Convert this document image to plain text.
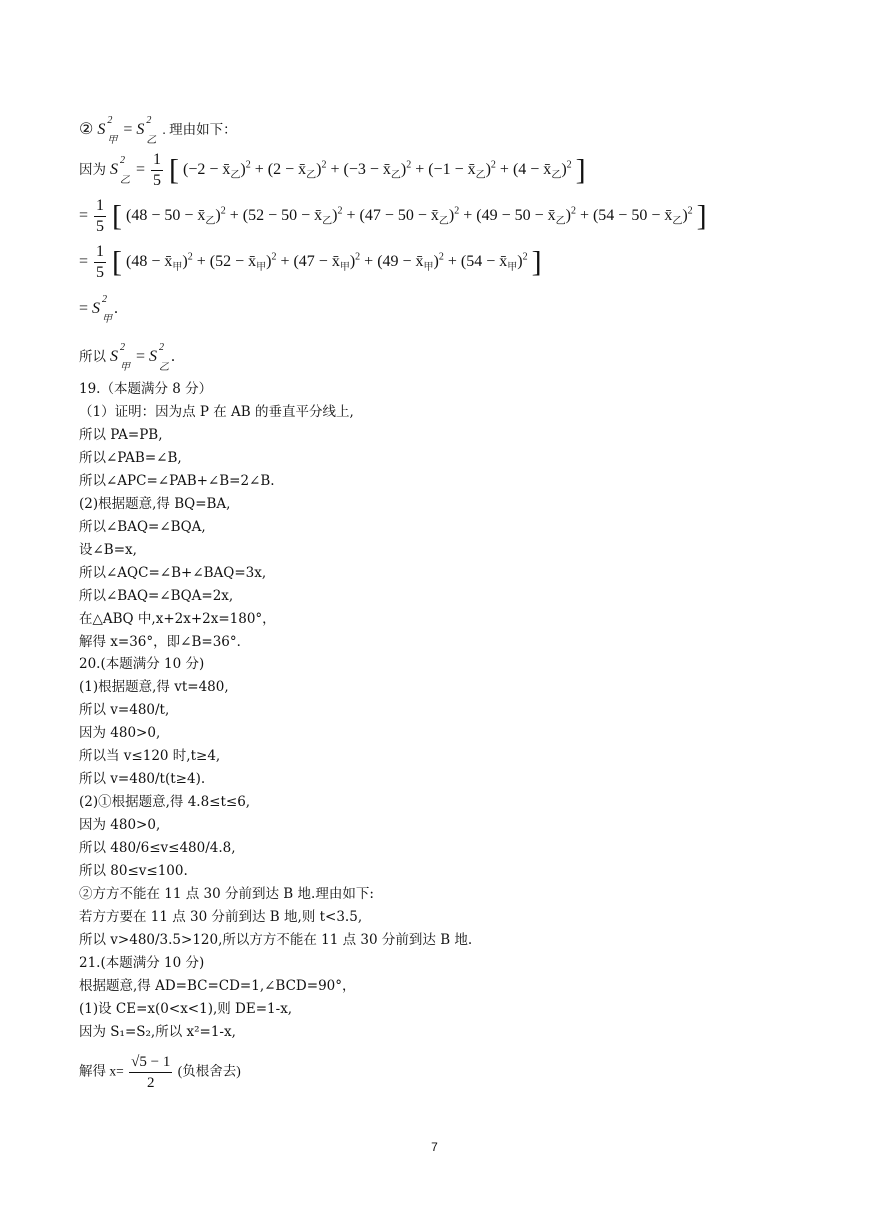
② S
2
甲
= S
2
乙
. 理由如下：
因为 S
2
乙
= $\frac{1}{5}$ [ $(-2 - x̄_乙)^2 + (2$ − $x̄_乙)^2 + (-3$ − $x̄_乙)^2 + (-1$ − $x̄_乙)^2 + (4$ − $x̄_乙)^2$ ]
= $\frac{1}{5}$ [ $(48 - 50 - x̄_乙)^2 + (52 - 50$ − $x̄_乙)^2 + (47 - 50$ − $x̄_乙)^2 + (49 - 50$ − $x̄_乙)^2 + (54 - 50$ − $x̄_乙)^2$ ]
= $\frac{1}{5}$ [ $(48 - x̄_甲)^2 + (52$ − $x̄_甲)^2 + (47$ − $x̄_甲)^2 + (49$ − $x̄_甲)^2 + (54$ − $x̄_甲)^2$ ]
= S
2
甲
.
所以 S
2
甲
= S
2
乙
.
19.（本题满分 8 分）
（1）证明：因为点 P 在 AB 的垂直平分线上,
所以 PA=PB,
所以∠PAB=∠B,
所以∠APC=∠PAB+∠B=2∠B.
(2)根据题意,得 BQ=BA,
所以∠BAQ=∠BQA,
设∠B=x,
所以∠AQC=∠B+∠BAQ=3x,
所以∠BAQ=∠BQA=2x,
在△ABQ 中,x+2x+2x=180°，
解得 x=36°，即∠B=36°．
20.(本题满分 10 分)
(1)根据题意,得 vt=480,
所以 v=480/t,
因为 480>0,
所以当 v≤120 时,t≥4,
所以 v=480/t(t≥4).
(2)①根据题意,得 4.8≤t≤6,
因为 480>0,
所以 480/6≤v≤480/4.8,
所以 80≤v≤100.
②方方不能在 11 点 30 分前到达 B 地.理由如下:
若方方要在 11 点 30 分前到达 B 地,则 t<3.5,
所以 v>480/3.5>120,所以方方不能在 11 点 30 分前到达 B 地.
21.(本题满分 10 分)
根据题意,得 AD=BC=CD=1,∠BCD=90°，
(1)设 CE=x(0<x<1),则 DE=1-x,
因为 S₁=S₂,所以 x²=1-x,
解得 $x= \frac{√5 - 1}{2}$ (负根舍去)
7
